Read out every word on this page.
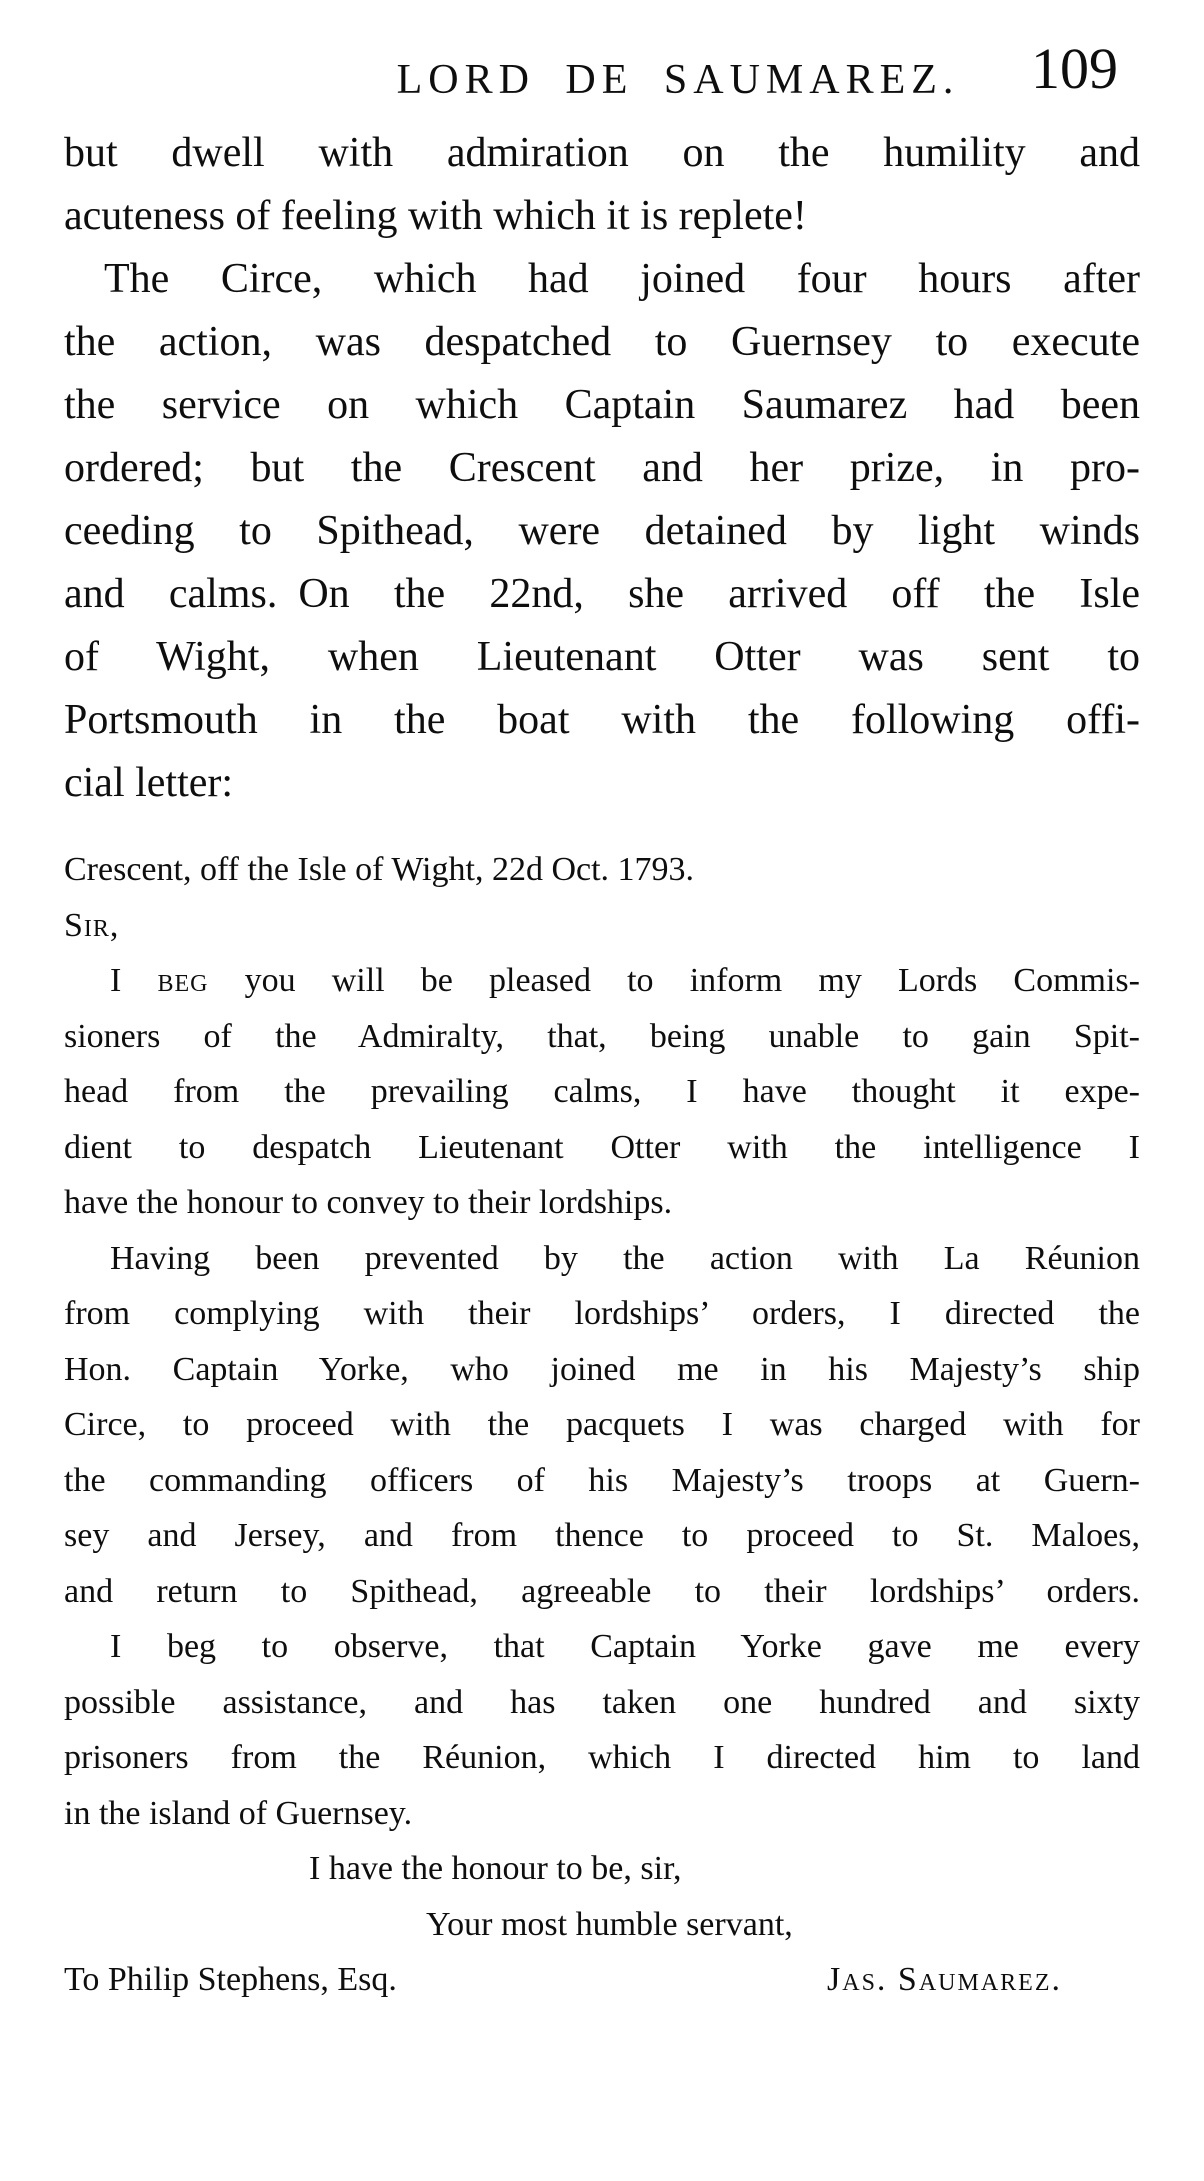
LORD DE SAUMAREZ.	109
but dwell with admiration on the humility and
acuteness of feeling with which it is replete!
The Circe, which had joined four hours after
the action, was despatched to Guernsey to execute
the service on which Captain Saumarez had been
ordered; but the Crescent and her prize, in pro-
ceeding to Spithead, were detained by light winds
and calms. On the 22nd, she arrived off the Isle
of Wight, when Lieutenant Otter was sent to
Portsmouth in the boat with the following offi-
cial letter:
Crescent, off the Isle of Wight, 22d Oct. 1793.
Sir,
I beg you will be pleased to inform my Lords Commis-
sioners of the Admiralty, that, being unable to gain Spit-
head from the prevailing calms, I have thought it expe-
dient to despatch Lieutenant Otter with the intelligence I
have the honour to convey to their lordships.
Having been prevented by the action with La Réunion
from complying with their lordships’ orders, I directed the
Hon. Captain Yorke, who joined me in his Majesty’s ship
Circe, to proceed with the pacquets I was charged with for
the commanding officers of his Majesty’s troops at Guern-
sey and Jersey, and from thence to proceed to St. Maloes,
and return to Spithead, agreeable to their lordships’ orders.
I beg to observe, that Captain Yorke gave me every
possible assistance, and has taken one hundred and sixty
prisoners from the Réunion, which I directed him to land
in the island of Guernsey.
I have the honour to be, sir,
Your most humble servant,
To Philip Stephens, Esq.	Jas. Saumarez.
